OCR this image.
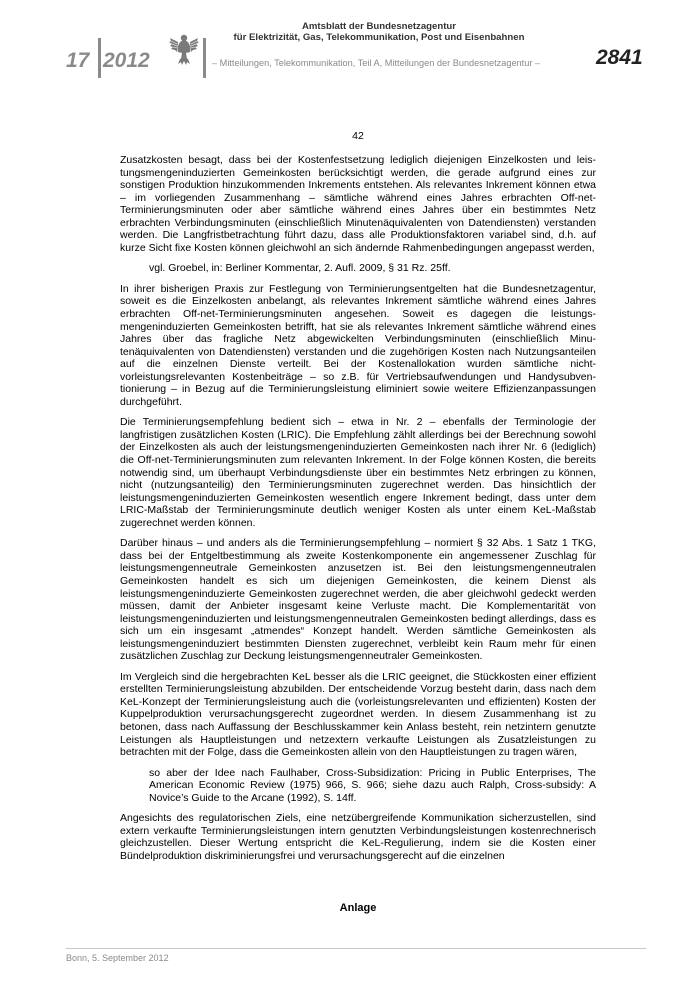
17 2012
Amtsblatt der Bundesnetzagentur
für Elektrizität, Gas, Telekommunikation, Post und Eisenbahnen
– Mitteilungen, Telekommunikation, Teil A, Mitteilungen der Bundesnetzagentur –	2841
42

Zusatzkosten besagt, dass bei der Kostenfestsetzung lediglich diejenigen Einzelkosten und leistungsmengeninduzierten Gemeinkosten berücksichtigt werden, die gerade aufgrund eines zur sonstigen Produktion hinzukommenden Inkrements entstehen. Als relevantes Inkrement können etwa – im vorliegenden Zusammenhang – sämtliche während eines Jahres erbrachten Off-net-Terminierungsminuten oder aber sämtliche während eines Jahres über ein bestimmtes Netz erbrachten Verbindungsminuten (einschließlich Minutenäquivalenten von Datendiensten) verstanden werden. Die Langfristbetrachtung führt dazu, dass alle Produktionsfaktoren variabel sind, d.h. auf kurze Sicht fixe Kosten können gleichwohl an sich ändernde Rahmenbedingungen angepasst werden,

vgl. Groebel, in: Berliner Kommentar, 2. Aufl. 2009, § 31 Rz. 25ff.

In ihrer bisherigen Praxis zur Festlegung von Terminierungsentgelten hat die Bundesnetzagentur, soweit es die Einzelkosten anbelangt, als relevantes Inkrement sämtliche während eines Jahres erbrachten Off-net-Terminierungsminuten angesehen. Soweit es dagegen die leistungsmengeninduzierten Gemeinkosten betrifft, hat sie als relevantes Inkrement sämtliche während eines Jahres über das fragliche Netz abgewickelten Verbindungsminuten (einschließlich Minutenäquivalenten von Datendiensten) verstanden und die zugehörigen Kosten nach Nutzungsanteilen auf die einzelnen Dienste verteilt. Bei der Kostenallokation wurden sämtliche nicht-vorleistungsrelevanten Kostenbeiträge – so z.B. für Vertriebsaufwendungen und Handysubventionierung – in Bezug auf die Terminierungsleistung eliminiert sowie weitere Effizienzanpassungen durchgeführt.

Die Terminierungsempfehlung bedient sich – etwa in Nr. 2 – ebenfalls der Terminologie der langfristigen zusätzlichen Kosten (LRIC). Die Empfehlung zählt allerdings bei der Berechnung sowohl der Einzelkosten als auch der leistungsmengeninduzierten Gemeinkosten nach ihrer Nr. 6 (lediglich) die Off-net-Terminierungsminuten zum relevanten Inkrement. In der Folge können Kosten, die bereits notwendig sind, um überhaupt Verbindungsdienste über ein bestimmtes Netz erbringen zu können, nicht (nutzungsanteilig) den Terminierungsminuten zugerechnet werden. Das hinsichtlich der leistungsmengeninduzierten Gemeinkosten wesentlich engere Inkrement bedingt, dass unter dem LRIC-Maßstab der Terminierungsminute deutlich weniger Kosten als unter einem KeL-Maßstab zugerechnet werden können.

Darüber hinaus – und anders als die Terminierungsempfehlung – normiert § 32 Abs. 1 Satz 1 TKG, dass bei der Entgeltbestimmung als zweite Kostenkomponente ein angemessener Zuschlag für leistungsmengenneutrale Gemeinkosten anzusetzen ist. Bei den leistungsmengenneutralen Gemeinkosten handelt es sich um diejenigen Gemeinkosten, die keinem Dienst als leistungsmengeninduzierte Gemeinkosten zugerechnet werden, die aber gleichwohl gedeckt werden müssen, damit der Anbieter insgesamt keine Verluste macht. Die Komplementarität von leistungsmengeninduzierten und leistungsmengenneutralen Gemeinkosten bedingt allerdings, dass es sich um ein insgesamt „atmendes“ Konzept handelt. Werden sämtliche Gemeinkosten als leistungsmengeninduziert bestimmten Diensten zugerechnet, verbleibt kein Raum mehr für einen zusätzlichen Zuschlag zur Deckung leistungsmengenneutraler Gemeinkosten.

Im Vergleich sind die hergebrachten KeL besser als die LRIC geeignet, die Stückkosten einer effizient erstellten Terminierungsleistung abzubilden. Der entscheidende Vorzug besteht darin, dass nach dem KeL-Konzept der Terminierungsleistung auch die (vorleistungsrelevanten und effizienten) Kosten der Kuppelproduktion verursachungsgerecht zugeordnet werden. In diesem Zusammenhang ist zu betonen, dass nach Auffassung der Beschlusskammer kein Anlass besteht, rein netzintern genutzte Leistungen als Hauptleistungen und netzextern verkaufte Leistungen als Zusatzleistungen zu betrachten mit der Folge, dass die Gemeinkosten allein von den Hauptleistungen zu tragen wären,

so aber der Idee nach Faulhaber, Cross-Subsidization: Pricing in Public Enterprises, The American Economic Review (1975) 966, S. 966; siehe dazu auch Ralph, Cross-subsidy: A Novice’s Guide to the Arcane (1992), S. 14ff.

Angesichts des regulatorischen Ziels, eine netzübergreifende Kommunikation sicherzustellen, sind extern verkaufte Terminierungsleistungen intern genutzten Verbindungsleistungen kostenrechnerisch gleichzustellen. Dieser Wertung entspricht die KeL-Regulierung, indem sie die Kosten einer Bündelproduktion diskriminierungsfrei und verursachungsgerecht auf die einzelnen

Anlage
Bonn, 5. September 2012
